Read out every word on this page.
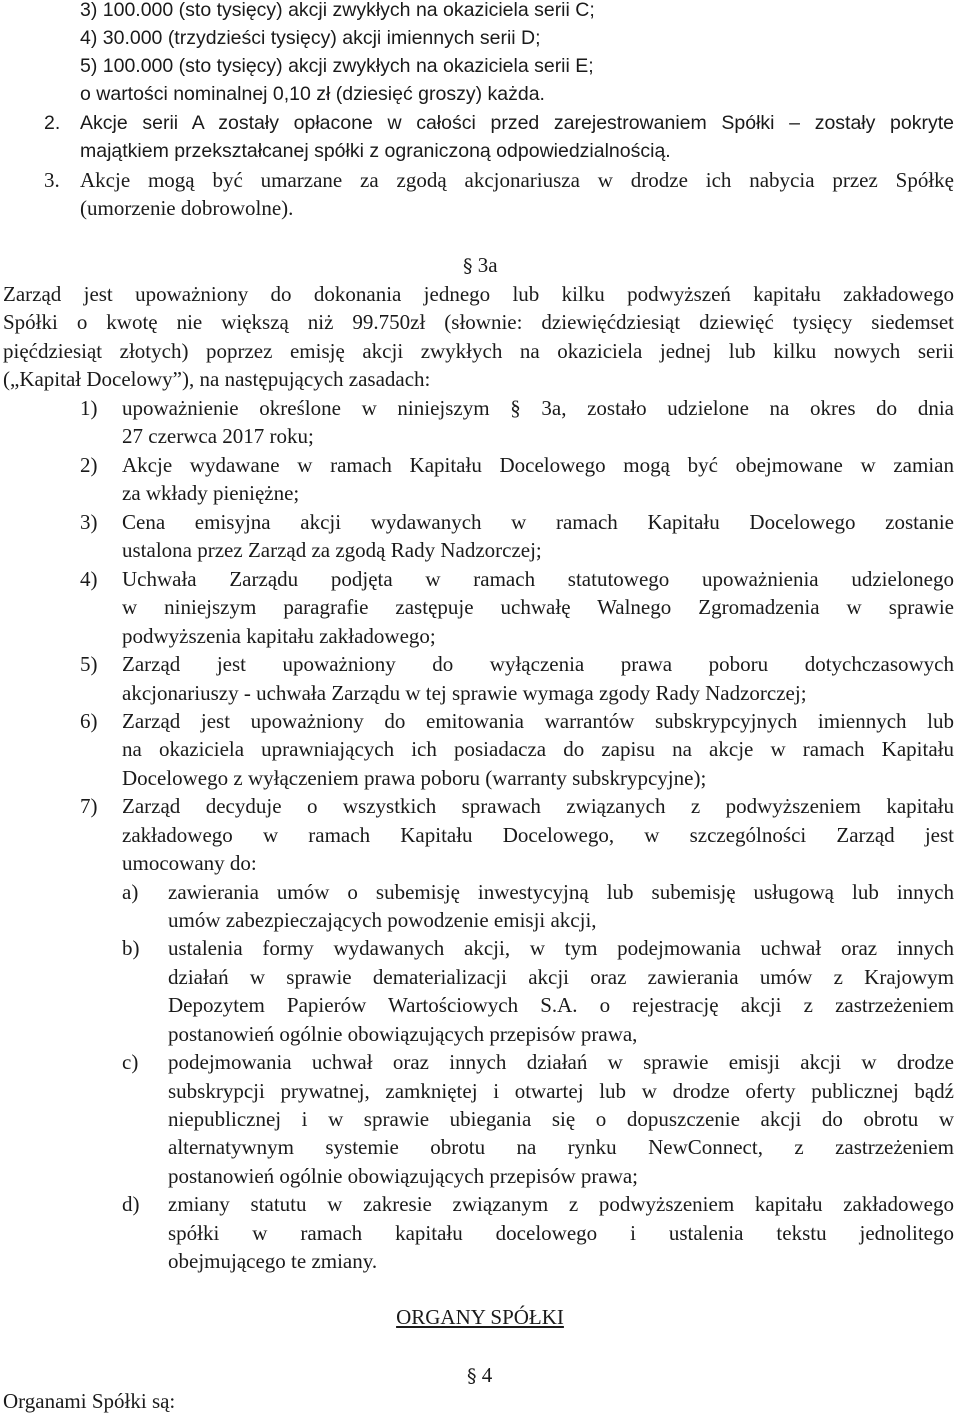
3) 100.000 (sto tysięcy) akcji zwykłych na okaziciela serii C;
4) 30.000 (trzydzieści tysięcy) akcji imiennych serii D;
5) 100.000 (sto tysięcy) akcji zwykłych na okaziciela serii E;
o wartości nominalnej 0,10 zł (dziesięć groszy) każda.
2. Akcje serii A zostały opłacone w całości przed zarejestrowaniem Spółki – zostały pokryte
majątkiem przekształcanej spółki z ograniczoną odpowiedzialnością.
3. Akcje mogą być umarzane za zgodą akcjonariusza w drodze ich nabycia przez Spółkę
(umorzenie dobrowolne).
§ 3a
Zarząd jest upoważniony do dokonania jednego lub kilku podwyższeń kapitału zakładowego
Spółki o kwotę nie większą niż 99.750zł (słownie: dziewięćdziesiąt dziewięć tysięcy siedemset
pięćdziesiąt złotych) poprzez emisję akcji zwykłych na okaziciela jednej lub kilku nowych serii
(„Kapitał Docelowy”), na następujących zasadach:
1) upoważnienie określone w niniejszym § 3a, zostało udzielone na okres do dnia
27 czerwca 2017 roku;
2) Akcje wydawane w ramach Kapitału Docelowego mogą być obejmowane w zamian
za wkłady pieniężne;
3) Cena emisyjna akcji wydawanych w ramach Kapitału Docelowego zostanie
ustalona przez Zarząd za zgodą Rady Nadzorczej;
4) Uchwała Zarządu podjęta w ramach statutowego upoważnienia udzielonego
w niniejszym paragrafie zastępuje uchwałę Walnego Zgromadzenia w sprawie
podwyższenia kapitału zakładowego;
5) Zarząd jest upoważniony do wyłączenia prawa poboru dotychczasowych
akcjonariuszy - uchwała Zarządu w tej sprawie wymaga zgody Rady Nadzorczej;
6) Zarząd jest upoważniony do emitowania warrantów subskrypcyjnych imiennych lub
na okaziciela uprawniających ich posiadacza do zapisu na akcje w ramach Kapitału
Docelowego z wyłączeniem prawa poboru (warranty subskrypcyjne);
7) Zarząd decyduje o wszystkich sprawach związanych z podwyższeniem kapitału
zakładowego w ramach Kapitału Docelowego, w szczególności Zarząd jest
umocowany do:
a) zawierania umów o subemisję inwestycyjną lub subemisję usługową lub innych
umów zabezpieczających powodzenie emisji akcji,
b) ustalenia formy wydawanych akcji, w tym podejmowania uchwał oraz innych
działań w sprawie dematerializacji akcji oraz zawierania umów z Krajowym
Depozytem Papierów Wartościowych S.A. o rejestrację akcji z zastrzeżeniem
postanowień ogólnie obowiązujących przepisów prawa,
c) podejmowania uchwał oraz innych działań w sprawie emisji akcji w drodze
subskrypcji prywatnej, zamkniętej i otwartej lub w drodze oferty publicznej bądź
niepublicznej i w sprawie ubiegania się o dopuszczenie akcji do obrotu w
alternatywnym systemie obrotu na rynku NewConnect, z zastrzeżeniem
postanowień ogólnie obowiązujących przepisów prawa;
d) zmiany statutu w zakresie związanym z podwyższeniem kapitału zakładowego
spółki w ramach kapitału docelowego i ustalenia tekstu jednolitego
obejmującego te zmiany.
ORGANY SPÓŁKI
§ 4
Organami Spółki są:
